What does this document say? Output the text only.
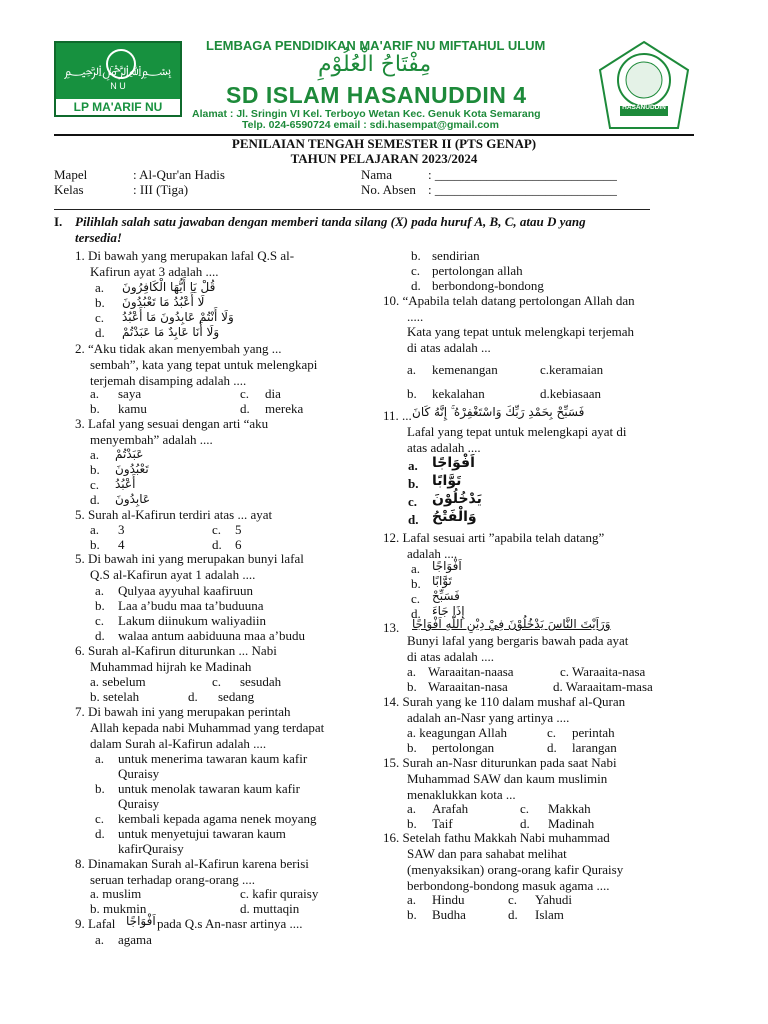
﷽
N U
LP MA'ARIF NU
LEMBAGA PENDIDIKAN MA'ARIF NU MIFTAHUL ULUM
مِفْتَاحُ الْعُلُوْمِ
SD ISLAM HASANUDDIN 4
Alamat : Jl. Sringin VI Kel. Terboyo Wetan Kec. Genuk Kota Semarang
Telp. 024-6590724 email : sdi.hasempat@gmail.com
HASANUDDIN
PENILAIAN TENGAH SEMESTER II (PTS GENAP)
TAHUN PELAJARAN 2023/2024
Mapel	: Al-Qur'an Hadis
Kelas	: III (Tiga)
Nama	: ____________________________
No. Absen : ____________________________
I. Pilihlah salah satu jawaban dengan memberi tanda silang (X) pada huruf A, B, C, atau D yang
tersedia!
1. Di bawah yang merupakan lafal Q.S al-
Kafirun ayat 3 adalah ....
a. قُلْ يَا أَيُّهَا الْكَافِرُونَ
b. لَا أَعْبُدُ مَا تَعْبُدُونَ
c. وَلَا أَنْتُمْ عَابِدُونَ مَا أَعْبُدُ
d. وَلَا أَنَا عَابِدٌ مَا عَبَدْتُمْ
2. “Aku tidak akan menyembah yang ...
sembah”, kata yang tepat untuk melengkapi
terjemah disamping adalah ....
a. saya	c. dia
b. kamu	d. mereka
3. Lafal yang sesuai dengan arti “aku
menyembah” adalah ....
a. عَبَدْتُمْ
b. تَعْبُدُونَ
c. أَعْبُدُ
d. عَابِدُونَ
5. Surah al-Kafirun terdiri atas ... ayat
a. 3	c. 5
b. 4	d. 6
5. Di bawah ini yang merupakan bunyi lafal
Q.S al-Kafirun ayat 1 adalah ....
a. Qulyaa ayyuhal kaafiruun
b. Laa a’budu maa ta’buduuna
c. Lakum diinukum waliyadiin
d. walaa antum aabiduuna maa a’budu
6. Surah al-Kafirun diturunkan ... Nabi
Muhammad hijrah ke Madinah
a. sebelum	c. sesudah
b. setelah	d. sedang
7. Di bawah ini yang merupakan perintah
Allah kepada nabi Muhammad yang terdapat
dalam Surah al-Kafirun adalah ....
a. untuk menerima tawaran kaum kafir
Quraisy
b. untuk menolak tawaran kaum kafir
Quraisy
c. kembali kepada agama nenek moyang
d. untuk menyetujui tawaran kaum
kafirQuraisy
8. Dinamakan Surah al-Kafirun karena berisi
seruan terhadap orang-orang ....
a. muslim	c. kafir quraisy
b. mukmin	d. muttaqin
9. Lafal اَفْوَاجًا pada Q.s An-nasr artinya ....
a. agama
b. sendirian
c. pertolongan allah
d. berbondong-bondong
10. “Apabila telah datang pertolongan Allah dan
.....
Kata yang tepat untuk melengkapi terjemah
di atas adalah ...
a. kemenangan	c.keramaian
b. kekalahan	d.kebiasaan
11. ... فَسَبِّحْ بِحَمْدِ رَبِّكَ وَاسْتَغْفِرْهُ ۚ إِنَّهُ كَانَ
Lafal yang tepat untuk melengkapi ayat di
atas adalah ....
a. اَفْوَاجًا
b. تَوَّابًا
c. يَدْخُلُوْنَ
d. وَالْفَتْحُ
12. Lafal sesuai arti ”apabila telah datang”
adalah ....
a. اَفْوَاجًا
b. تَوَّابًا
c. فَسَبِّحْ
d. إِذَا جَاءَ
13. وَرَاَيْتَ النَّاسَ يَدْخُلُوْنَ فِيْ دِيْنِ اللّٰهِ اَفْوَاجًا
Bunyi lafal yang bergaris bawah pada ayat
di atas adalah ....
a. Waraaitan-naasa	c. Waraaita-nasa
b. Waraaitan-nasa	d. Waraaitam-masa
14. Surah yang ke 110 dalam mushaf al-Quran
adalah an-Nasr yang artinya ....
a. keagungan Allah	c. perintah
b. pertolongan	d. larangan
15. Surah an-Nasr diturunkan pada saat Nabi
Muhammad SAW dan kaum muslimin
menaklukkan kota ...
a. Arafah	c. Makkah
b. Taif	d. Madinah
16. Setelah fathu Makkah Nabi muhammad
SAW dan para sahabat melihat
(menyaksikan) orang-orang kafir Quraisy
berbondong-bondong masuk agama ....
a. Hindu	c. Yahudi
b. Budha	d. Islam
